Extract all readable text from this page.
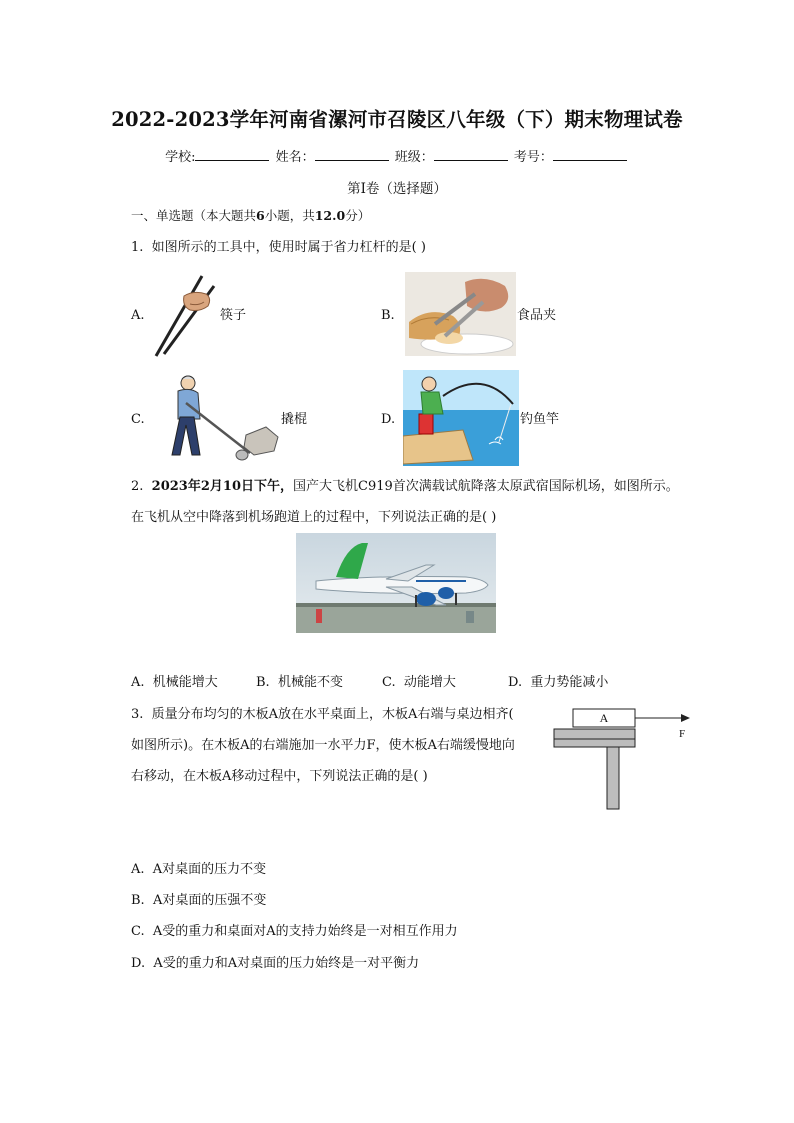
2022-2023学年河南省漯河市召陵区八年级（下）期末物理试卷
学校:	姓名：	班级：	考号：
第I卷（选择题）
一、单选题（本大题共6小题，共12.0分）
1. 如图所示的工具中，使用时属于省力杠杆的是( )
A.	筷子	B.	食品夹
C.	撬棍	D.	钓鱼竿
2. 2023年2月10日下午，国产大飞机C919首次满载试航降落太原武宿国际机场，如图所示。
在飞机从空中降落到机场跑道上的过程中，下列说法正确的是( )
A. 机械能增大	B. 机械能不变	C. 动能增大	D. 重力势能减小
3. 质量分布均匀的木板A放在水平桌面上，木板A右端与桌边相齐(
如图所示)。在木板A的右端施加一水平力F，使木板A右端缓慢地向
右移动，在木板A移动过程中，下列说法正确的是( )
A
F
A. A对桌面的压力不变
B. A对桌面的压强不变
C. A受的重力和桌面对A的支持力始终是一对相互作用力
D. A受的重力和A对桌面的压力始终是一对平衡力
